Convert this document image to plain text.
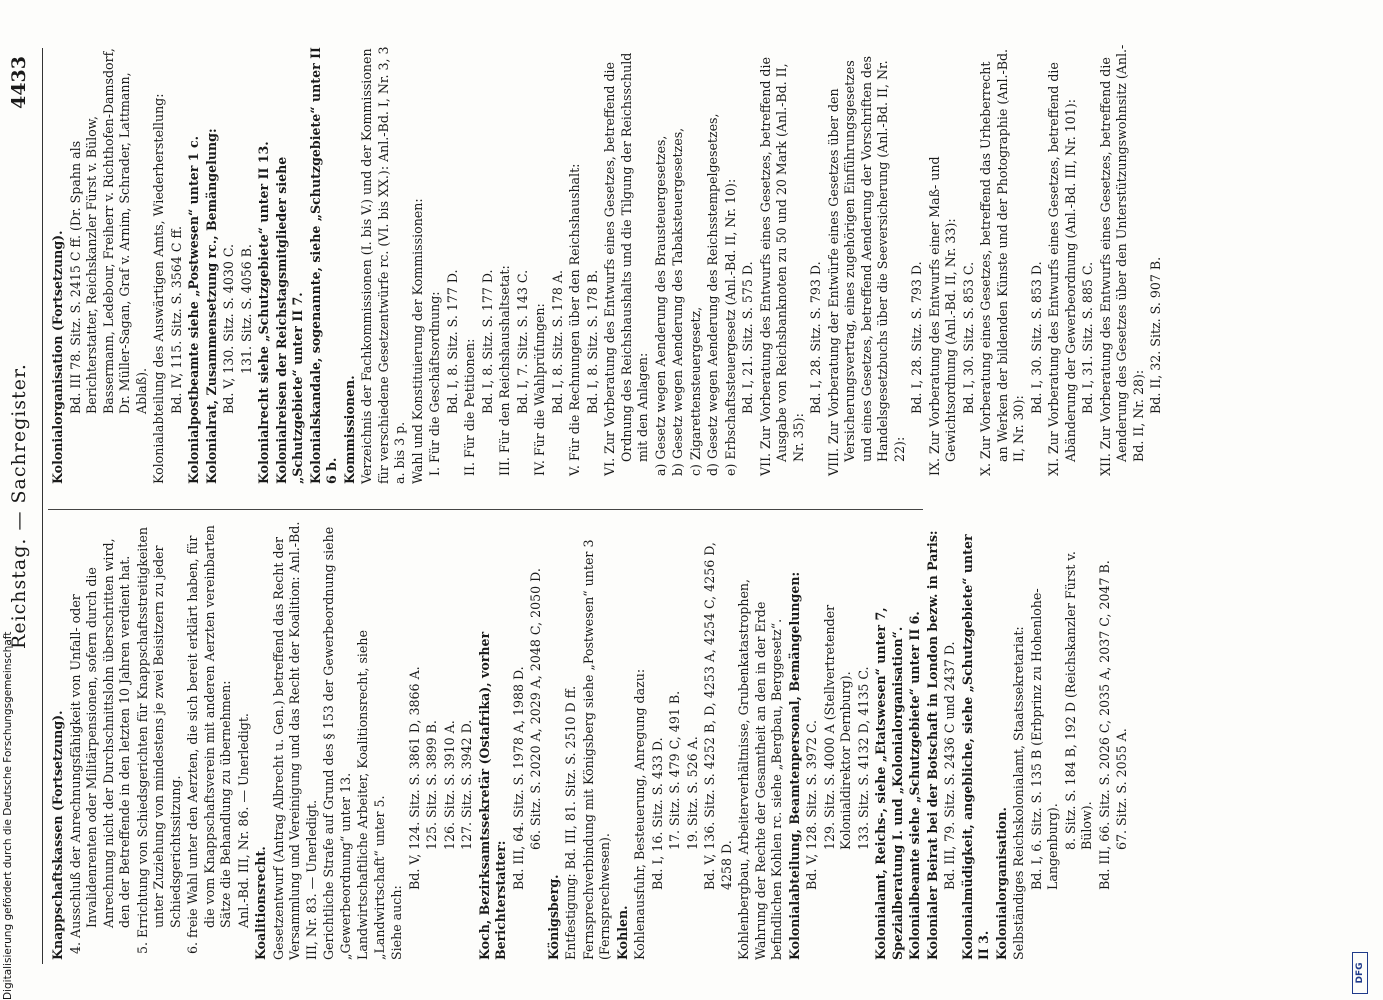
Reichstag. — Sachregister.
4433
Knappschaftskassen (Fortsetzung). 4. Ausschluß der Anrechnungsfähigkeit von Unfall- oder Invalidenrenten oder Militärpensionen, sofern durch die Anrechnung nicht der Durchschnittslohn überschritten wird, den der Betreffende in den letzten 10 Jahren verdient hat. 5. Errichtung von Schiedsgerichten für Knappschaftsstreitigkeiten unter Zuziehung von mindestens je zwei Beisitzern zu jeder Schiedsgerichtssitzung. 6. freie Wahl unter den Aerzten, die sich bereit erklärt haben, für die vom Knappschaftsverein mit anderen Aerzten vereinbarten Sätze die Behandlung zu übernehmen: Anl.-Bd. III, Nr. 86. — Unerledigt. Koalitionsrecht. Gesetzentwurf (Antrag Albrecht u. Gen.) betreffend das Recht der Versammlung und Vereinigung und das Recht der Koalition: Anl.-Bd. III, Nr. 83. — Unerledigt. Gerichtliche Strafe auf Grund des § 153 der Gewerbeordnung siehe „Gewerbeordnung“ unter 13. Landwirtschaftliche Arbeiter, Koalitionsrecht, siehe „Landwirtschaft“ unter 5. Siehe auch:
Bd. V, 124. Sitz. S. 3861 D, 3866 A. 125. Sitz. S. 3899 B. 126. Sitz. S. 3910 A. 127. Sitz. S. 3942 D. Koch, Bezirksamtssekretär (Ostafrika), vorher Berichterstatter:
Bd. III, 64. Sitz. S. 1978 A, 1988 D. 66. Sitz. S. 2020 A, 2029 A, 2048 C, 2050 D.
Königsberg. Entfestigung: Bd. III, 81. Sitz. S. 2510 D ff. Fernsprechverbindung mit Königsberg siehe „Postwesen“ unter 3 (Fernsprechwesen). Kohlen. Kohlenausfuhr, Besteuerung, Anregung dazu: Bd. I, 16. Sitz. S. 433 D. 17. Sitz. S. 479 C, 491 B. 19. Sitz. S. 526 A. Bd. V, 136. Sitz. S. 4252 B, D, 4253 A, 4254 C, 4256 D, 4258 D. Kohlenbergbau, Arbeiterverhältnisse, Grubenkatastrophen, Wahrung der Rechte der Gesamtheit an den in der Erde befindlichen Kohlen rc. siehe „Bergbau, Berggesetz“. Kolonialabteilung, Beamtenpersonal, Bemängelungen: Bd. V, 128. Sitz. S. 3972 C. 129. Sitz. S. 4000 A (Stellvertretender Kolonialdirektor Dernburg). 133. Sitz. S. 4132 D, 4135 C. Kolonialamt, Reichs-, siehe „Etatswesen“ unter 7, Spezialberatung I. und „Kolonialorganisation“. Kolonialbeamte siehe „Schutzgebiete“ unter II 6. Kolonialer Beirat bei der Botschaft in London bezw. in Paris: Bd. III, 79. Sitz. S. 2436 C und 2437 D. Kolonialmüdigkeit, angebliche, siehe „Schutzgebiete“ unter II 3. Kolonialorganisation. Selbständiges Reichskolonialamt, Staatssekretariat: Bd. I, 6. Sitz. S. 135 B (Erbprinz zu Hohenlohe-Langenburg). 8. Sitz. S. 184 B, 192 D (Reichskanzler Fürst v. Bülow). Bd. III, 66. Sitz. S. 2026 C, 2035 A, 2037 C, 2047 B. 67. Sitz. S. 2055 A.
Kolonialorganisation (Fortsetzung). Bd. III 78. Sitz. S. 2415 C ff. (Dr. Spahn als Berichterstatter, Reichskanzler Fürst v. Bülow, Bassermann, Ledebour, Freiherr v. Richthofen-Damsdorf, Dr. Müller-Sagan, Graf v. Arnim, Schrader, Lattmann, Ablaß). Kolonialabteilung des Auswärtigen Amts, Wiederherstellung: Bd. IV, 115. Sitz. S. 3564 C ff. Kolonialpostbeamte siehe „Postwesen“ unter 1 c. Kolonialrat, Zusammensetzung rc., Bemängelung: Bd. V, 130. Sitz. S. 4030 C. 131. Sitz. S. 4056 B. Kolonialrecht siehe „Schutzgebiete“ unter II 13. Kolonialreisen der Reichstagsmitglieder siehe „Schutzgebiete“ unter II 7. Kolonialskandale, sogenannte, siehe „Schutzgebiete“ unter II 6 b. Kommissionen. Verzeichnis der Fachkommissionen (I. bis V.) und der Kommissionen für verschiedene Gesetzentwürfe rc. (VI. bis XX.): Anl.-Bd. I, Nr. 3, 3 a. bis 3 p. Wahl und Konstituierung der Kommissionen: I. Für die Geschäftsordnung: Bd. I, 8. Sitz. S. 177 D. II. Für die Petitionen: Bd. I, 8. Sitz. S. 177 D. III. Für den Reichshaushaltsetat: Bd. I, 7. Sitz. S. 143 C. IV. Für die Wahlprüfungen: Bd. I, 8. Sitz. S. 178 A. V. Für die Rechnungen über den Reichshaushalt: Bd. I, 8. Sitz. S. 178 B. VI. Zur Vorberatung des Entwurfs eines Gesetzes, betreffend die Ordnung des Reichshaushalts und die Tilgung der Reichsschuld mit den Anlagen: a) Gesetz wegen Aenderung des Brausteuergesetzes, b) Gesetz wegen Aenderung des Tabaksteuergesetzes, c) Zigarettensteuergesetz, d) Gesetz wegen Aenderung des Reichsstempelgesetzes, e) Erbschaftssteuergesetz (Anl.-Bd. II, Nr. 10): Bd. I, 21. Sitz. S. 575 D. VII. Zur Vorberatung des Entwurfs eines Gesetzes, betreffend die Ausgabe von Reichsbanknoten zu 50 und 20 Mark (Anl.-Bd. II, Nr. 35):
Bd. I, 28. Sitz. S. 793 D. VIII. Zur Vorberatung der Entwürfe eines Gesetzes über den Versicherungsvertrag, eines zugehörigen Einführungsgesetzes und eines Gesetzes, betreffend Aenderung der Vorschriften des Handelsgesetzbuchs über die Seeversicherung (Anl.-Bd. II, Nr. 22):
Bd. I, 28. Sitz. S. 793 D. IX. Zur Vorberatung des Entwurfs einer Maß- und Gewichtsordnung (Anl.-Bd. II, Nr. 33): Bd. I, 30. Sitz. S. 853 C. X. Zur Vorberatung eines Gesetzes, betreffend das Urheberrecht an Werken der bildenden Künste und der Photographie (Anl.-Bd. II, Nr. 30):
Bd. I, 30. Sitz. S. 853 D. XI. Zur Vorberatung des Entwurfs eines Gesetzes, betreffend die Abänderung der Gewerbeordnung (Anl.-Bd. III, Nr. 101): Bd. I, 31. Sitz. S. 885 C. XII. Zur Vorberatung des Entwurfs eines Gesetzes, betreffend die Aenderung des Gesetzes über den Unterstützungswohnsitz (Anl.-Bd. II, Nr. 28):
Bd. II, 32. Sitz. S. 907 B.
DFG
Digitalisierung gefördert durch die Deutsche Forschungsgemeinschaft
